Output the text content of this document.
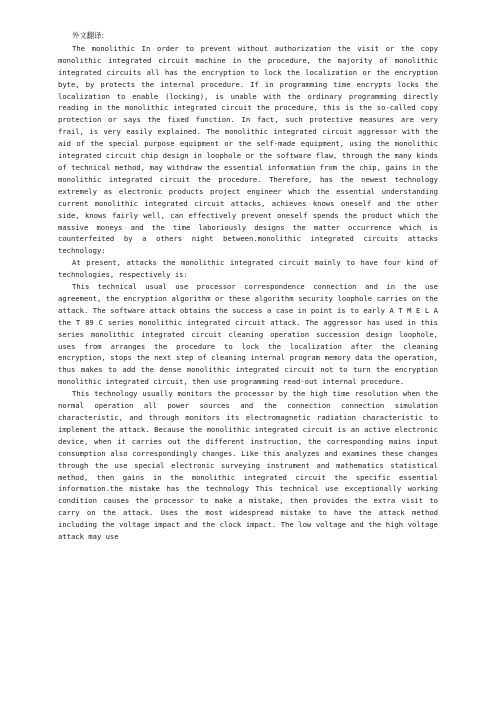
外文翻译:

The monolithic In order to prevent without authorization the visit or the copy monolithic integrated circuit machine in the procedure, the majority of monolithic integrated circuits all has the encryption to lock the localization or the encryption byte, by protects the internal procedure. If in programming time encrypts locks the localization to enable (locking), is unable with the ordinary programming directly reading in the monolithic integrated circuit the procedure, this is the so-called copy protection or says the fixed function. In fact, such protective measures are very frail, is very easily explained. The monolithic integrated circuit aggressor with the aid of the special purpose equipment or the self-made equipment, using the monolithic integrated circuit chip design in loophole or the software flaw, through the many kinds of technical method, may withdraw the essential information from the chip, gains in the monolithic integrated circuit the procedure. Therefore, has the newest technology extremely as electronic products project engineer which the essential understanding current monolithic integrated circuit attacks, achieves knows oneself and the other side, knows fairly well, can effectively prevent oneself spends the product which the massive moneys and the time laboriously designs the matter occurrence which is counterfeited by a others night between.monolithic integrated circuits attacks technology:

At present, attacks the monolithic integrated circuit mainly to have four kind of technologies, respectively is:

This technical usual use processor correspondence connection and in the use agreement, the encryption algorithm or these algorithm security loophole carries on the attack. The software attack obtains the success a case in point is to early A T M E L A the T 89 C series monolithic integrated circuit attack. The aggressor has used in this series monolithic integrated circuit cleaning operation succession design loophole, uses from arranges the procedure to lock the localization after the cleaning encryption, stops the next step of cleaning internal program memory data the operation, thus makes to add the dense monolithic integrated circuit not to turn the encryption monolithic integrated circuit, then use programming read-out internal procedure.

This technology usually monitors the processor by the high time resolution when the normal operation all power sources and the connection connection simulation characteristic, and through monitors its electromagnetic radiation characteristic to implement the attack. Because the monolithic integrated circuit is an active electronic device, when it carries out the different instruction, the corresponding mains input consumption also correspondingly changes. Like this analyzes and examines these changes through the use special electronic surveying instrument and mathematics statistical method, then gains in the monolithic integrated circuit the specific essential information.the mistake has the technology This technical use exceptionally working condition causes the processor to make a mistake, then provides the extra visit to carry on the attack. Uses the most widespread mistake to have the attack method including the voltage impact and the clock impact. The low voltage and the high voltage attack may use
